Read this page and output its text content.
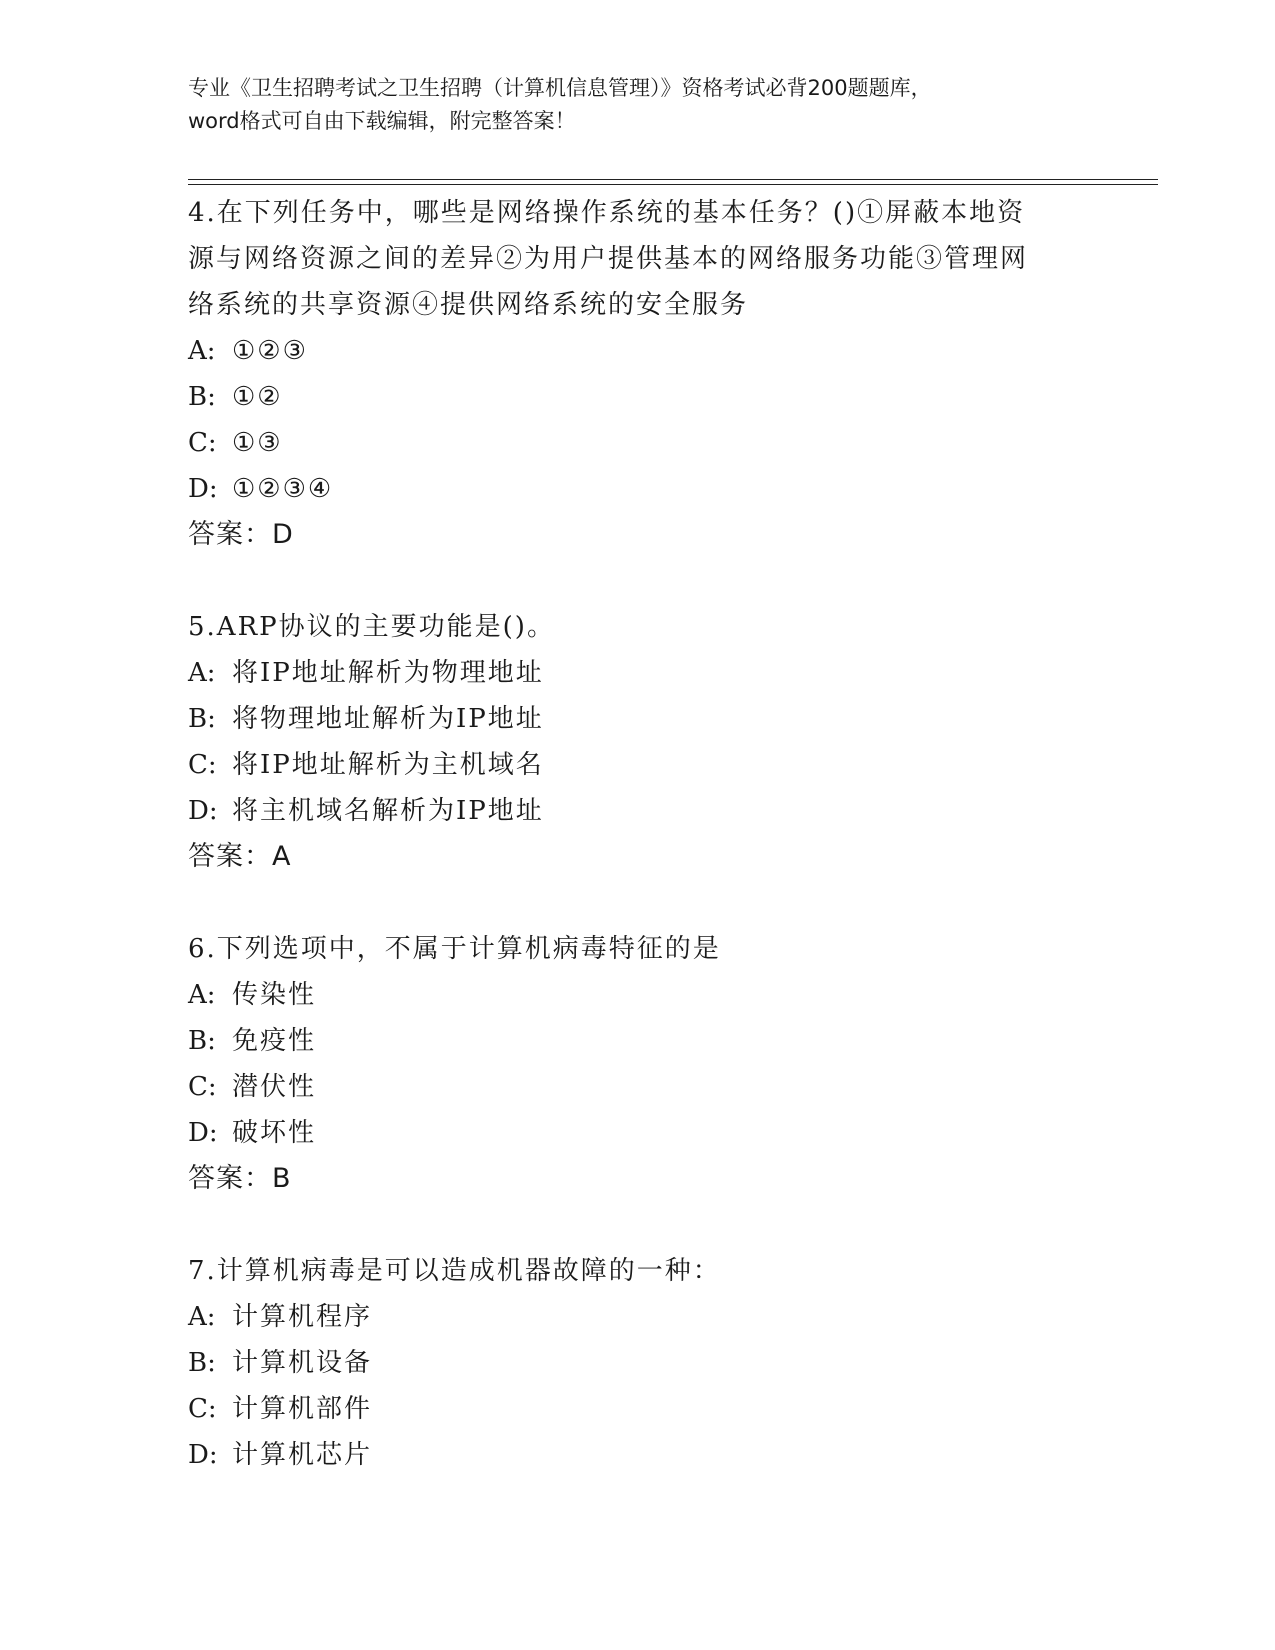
专业《卫生招聘考试之卫生招聘（计算机信息管理）》资格考试必背200题题库，
word格式可自由下载编辑，附完整答案！

4.在下列任务中，哪些是网络操作系统的基本任务？()①屏蔽本地资
源与网络资源之间的差异②为用户提供基本的网络服务功能③管理网
络系统的共享资源④提供网络系统的安全服务

A: ①②③

B: ①②

C: ①③

D: ①②③④

答案：D

5.ARP协议的主要功能是()。

A: 将IP地址解析为物理地址

B: 将物理地址解析为IP地址

C: 将IP地址解析为主机域名

D: 将主机域名解析为IP地址

答案：A

6.下列选项中，不属于计算机病毒特征的是

A: 传染性

B: 免疫性

C: 潜伏性

D: 破坏性

答案：B

7.计算机病毒是可以造成机器故障的一种：

A: 计算机程序

B: 计算机设备

C: 计算机部件

D: 计算机芯片
